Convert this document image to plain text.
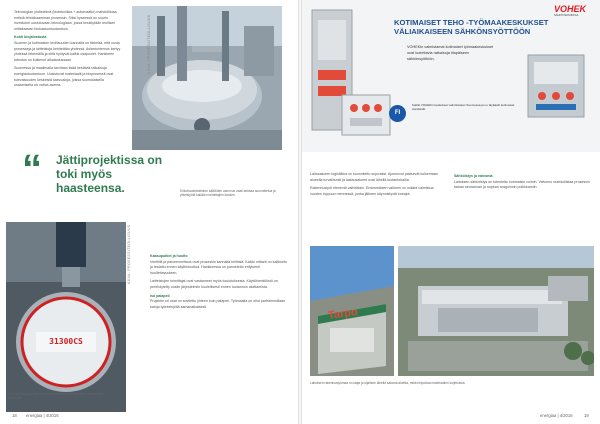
Teknologian yhdistelmä (biotekniikka + automaatio) mahdollistaa entistä tehokkaamman prosessin. Siksi kyseessä on suurin investointi uusiutuvaan teknologiaan, jossa keskitytään teollisen mittakaavan biokaasuntuotantoon.

Kohti biojalostusta

Suomen ja kotimaisen teollisuuden kannalta on tärkeää, että uusia prosesseja ja laitteistoja kehitetään yhdessä. Asiantuntemus kertyy yhdessä tekemällä ja siitä hyötyvät kaikki osapuolet. Hankkeen toteutus on kulkenut aikataulussaan.

Suomessa ja maailmalla tarvitaan lisää kestäviä ratkaisuja energiantuotantoon. Uusiutuvat materiaalit ja bioprosessit ovat tulevaisuuden keskeisiä kasvualoja, joissa suomalaisella osaamisella on vahva asema.

KUVA: PROSESSITEOLLISUUS
“ Jättiprojektissa on toki myös haasteensa.	Erikoisvalmisteisten säiliöiden asennus vaati tarkkaa suunnittelua ja yhteistyötä kaikkien toimittajien kesken.
31300CS
KUVA: PROSESSITEOLLISUUS	Kaasuputket ja huolto

Venttiilit ja paineenmittaus ovat prosessin kannalta kriittisiä. Kaikki mittarit on kalibroitu ja testattu ennen käyttöönottoa. Hankkeessa on panostettu erityisesti huollettavuuteen.

Laitteistojen toimittajat ovat vastanneet myös koulutuksesta. Käyttöhenkilöstö on perehdytetty uusiin järjestelmiin huolellisesti ennen tuotannon aloittamista.

Iso palapeli

Projektin eri osat on sovitettu yhteen kuin palapeli. Työmaalla on ollut parhaimmillaan satoja työntekijöitä samanaikaisesti.

Mittausventtiilit ja kaasunpaineen valvonta on toteutettu uusimmalla tekniikalla.
18 energiaa | 4/2016
VOHEK
SÄHKÖTEKNIIKKAA
KOTIMAISET TEHO -TYÖMAAKESKUKSET VÄLIAIKAISEEN SÄHKÖNSYÖTTÖÖN
VOHEKin valmistamat kotimaiset työmaakeskukset ovat luotettavia ratkaisuja tilapäiseen sähkönsyöttöön.
FI
Kaikki VOHEKin keskukset valmistetaan Suomessa ja ne täyttävät kotimaiset standardit.

Laitosalueen logistiikka on suunniteltu sujuvaksi. Ajoneuvot pääsevät kulkemaan alueella turvallisesti ja lastausalueet ovat lähellä tuotantohallia.

Rakennustyöt etenevät vaiheittain. Ensimmäisen vaiheen on määrä valmistua vuoden loppuun mennessä, jonka jälkeen käynnistyvät koeajot.

Sähköistys ja valvonta

Laitoksen sähköistys on toteutettu kotimaisin voimin. Valvomo mahdollistaa prosessin tarkan seurannan ja nopean reagoinnin poikkeamiin.

Tarpo
Laitoksen rakennustyömaa on laaja ja sijaitsee lähellä satama-aluetta, mikä helpottaa materiaalien kuljetuksia.
energiaa | 4/2016	19
